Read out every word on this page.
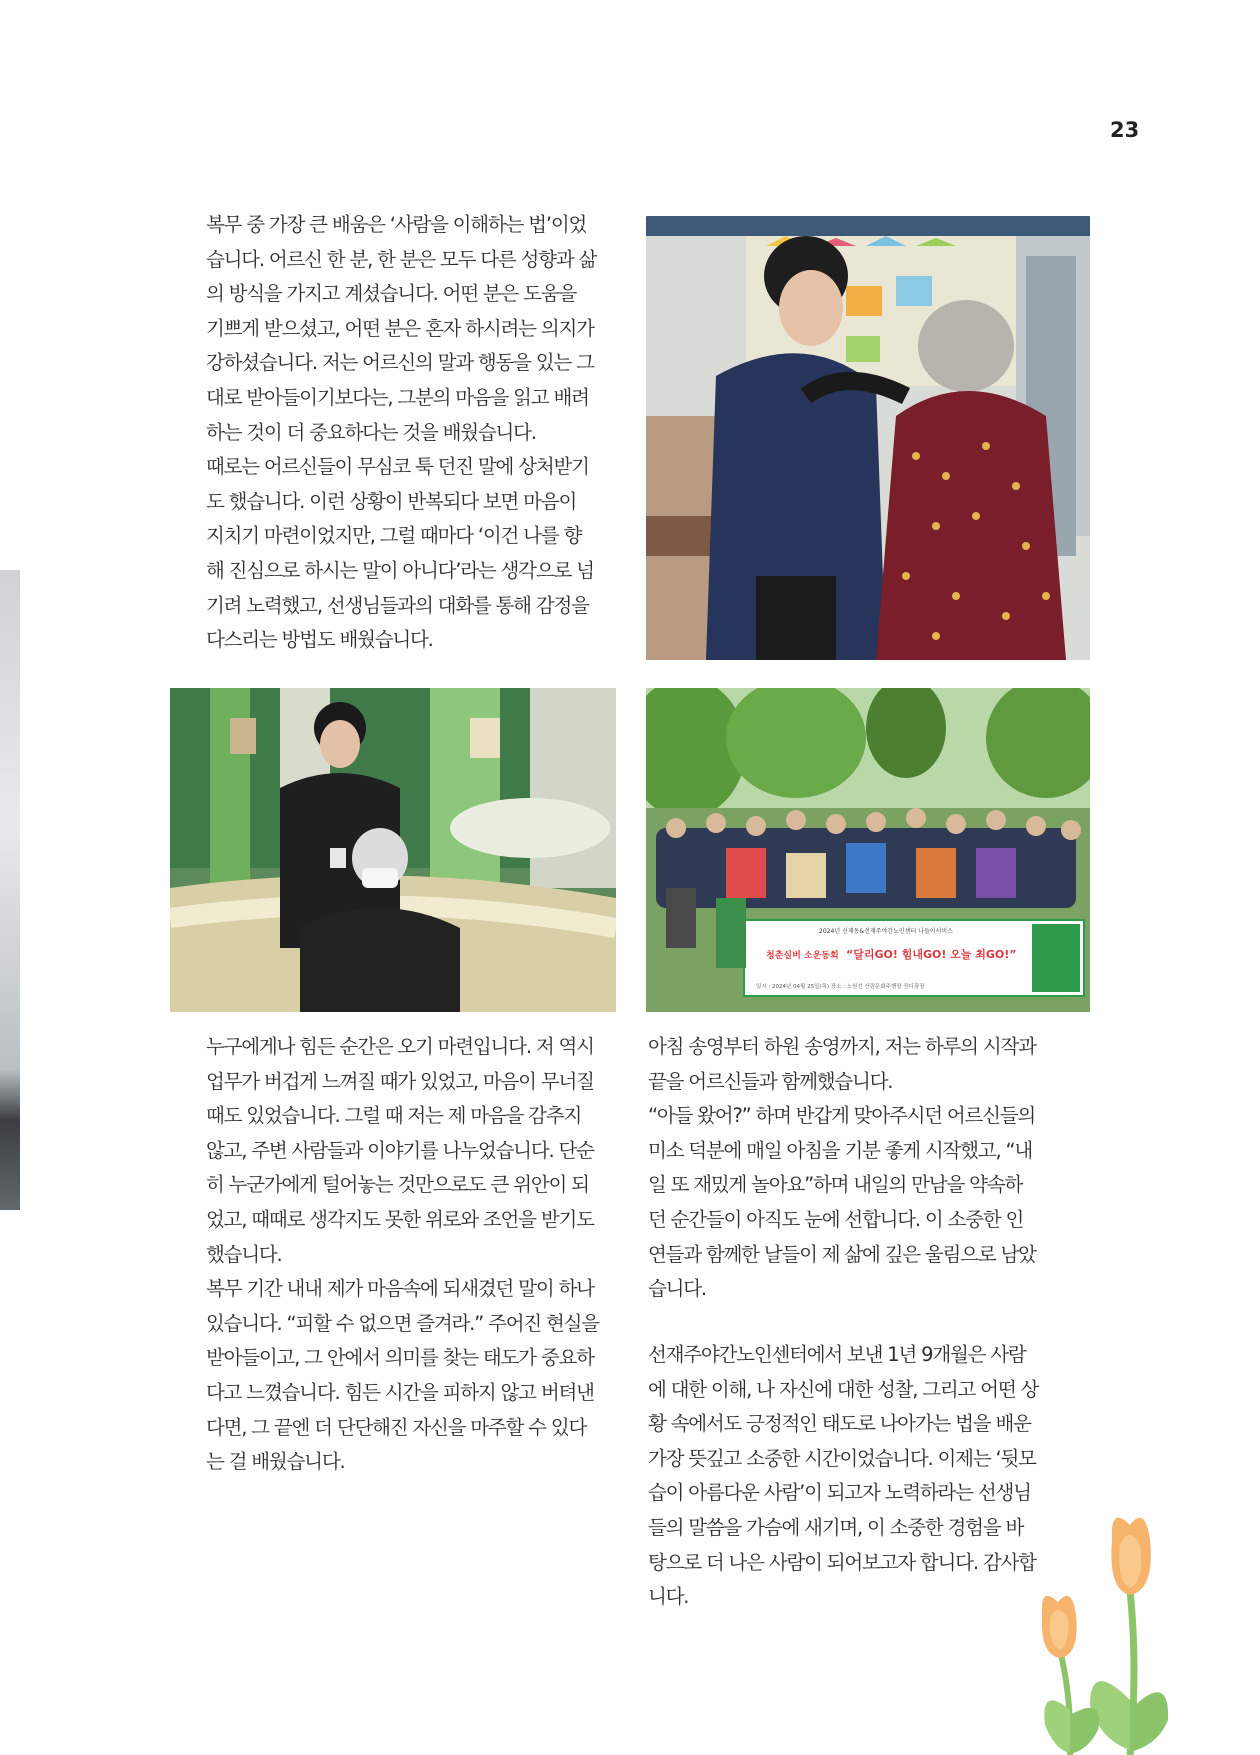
23
복무 중 가장 큰 배움은 ‘사람을 이해하는 법’이었
습니다. 어르신 한 분, 한 분은 모두 다른 성향과 삶
의 방식을 가지고 계셨습니다. 어떤 분은 도움을
기쁘게 받으셨고, 어떤 분은 혼자 하시려는 의지가
강하셨습니다. 저는 어르신의 말과 행동을 있는 그
대로 받아들이기보다는, 그분의 마음을 읽고 배려
하는 것이 더 중요하다는 것을 배웠습니다.
때로는 어르신들이 무심코 툭 던진 말에 상처받기
도 했습니다. 이런 상황이 반복되다 보면 마음이
지치기 마련이었지만, 그럴 때마다 ‘이건 나를 향
해 진심으로 하시는 말이 아니다’라는 생각으로 넘
기려 노력했고, 선생님들과의 대화를 통해 감정을
다스리는 방법도 배웠습니다.
2024년 선재동&선재주야간노인센터 나들이서비스
청춘실버 소운동회 “달리GO! 힘내GO! 오늘 최GO!”
일시 : 2024년 04월 25일(목) 장소 : 노원선 산림문화주행장 잔디광장
누구에게나 힘든 순간은 오기 마련입니다. 저 역시
업무가 버겁게 느껴질 때가 있었고, 마음이 무너질
때도 있었습니다. 그럴 때 저는 제 마음을 감추지
않고, 주변 사람들과 이야기를 나누었습니다. 단순
히 누군가에게 털어놓는 것만으로도 큰 위안이 되
었고, 때때로 생각지도 못한 위로와 조언을 받기도
했습니다.
복무 기간 내내 제가 마음속에 되새겼던 말이 하나
있습니다. “피할 수 없으면 즐겨라.” 주어진 현실을
받아들이고, 그 안에서 의미를 찾는 태도가 중요하
다고 느꼈습니다. 힘든 시간을 피하지 않고 버텨낸
다면, 그 끝엔 더 단단해진 자신을 마주할 수 있다
는 걸 배웠습니다.
아침 송영부터 하원 송영까지, 저는 하루의 시작과
끝을 어르신들과 함께했습니다.
“아들 왔어?” 하며 반갑게 맞아주시던 어르신들의
미소 덕분에 매일 아침을 기분 좋게 시작했고, “내
일 또 재밌게 놀아요”하며 내일의 만남을 약속하
던 순간들이 아직도 눈에 선합니다. 이 소중한 인
연들과 함께한 날들이 제 삶에 깊은 울림으로 남았
습니다.
선재주야간노인센터에서 보낸 1년 9개월은 사람
에 대한 이해, 나 자신에 대한 성찰, 그리고 어떤 상
황 속에서도 긍정적인 태도로 나아가는 법을 배운
가장 뜻깊고 소중한 시간이었습니다. 이제는 ‘뒷모
습이 아름다운 사람’이 되고자 노력하라는 선생님
들의 말씀을 가슴에 새기며, 이 소중한 경험을 바
탕으로 더 나은 사람이 되어보고자 합니다. 감사합
니다.
